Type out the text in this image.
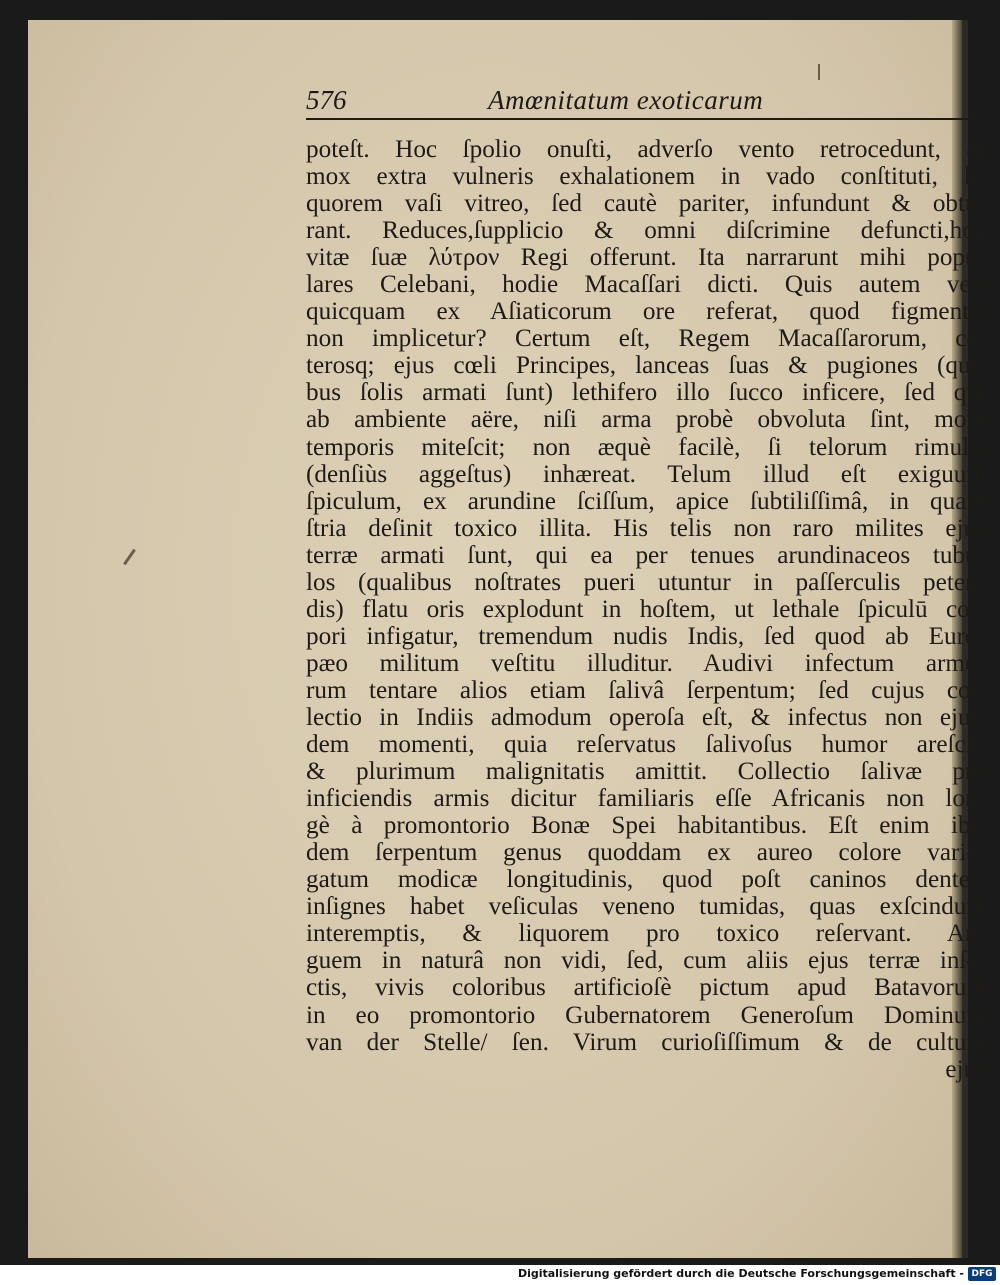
576	Amœnitatum exoticarum
poteſt. Hoc ſpolio onuſti, adverſo vento retrocedunt, &
mox extra vulneris exhalationem in vado conſtituti, li-
quorem vaſi vitreo, ſed cautè pariter, infundunt & obtu-
rant. Reduces,ſupplicio & omni diſcrimine defuncti,hoc
vitæ ſuæ λύτρον Regi offerunt. Ita narrarunt mihi popu-
lares Celebani, hodie Macaſſari dicti. Quis autem veri
quicquam ex Aſiaticorum ore referat, quod figmentis
non implicetur? Certum eſt, Regem Macaſſarorum, ce-
terosq; ejus cœli Principes, lanceas ſuas & pugiones (qui-
bus ſolis armati ſunt) lethifero illo ſucco inficere, ſed qui
ab ambiente aëre, niſi arma probè obvoluta ſint, morâ
temporis miteſcit; non æquè facilè, ſi telorum rimulis
(denſiùs aggeſtus) inhæreat. Telum illud eſt exiguum
ſpiculum, ex arundine ſciſſum, apice ſubtiliſſimâ, in quam
ſtria deſinit toxico illita. His telis non raro milites ejus
terræ armati ſunt, qui ea per tenues arundinaceos tubu-
los (qualibus noſtrates pueri utuntur in paſſerculis peten-
dis) flatu oris explodunt in hoſtem, ut lethale ſpiculū cor-
pori infigatur, tremendum nudis Indis, ſed quod ab Euro-
pæo militum veſtitu illuditur. Audivi infectum armo-
rum tentare alios etiam ſalivâ ſerpentum; ſed cujus col-
lectio in Indiis admodum operoſa eſt, & infectus non ejuſ-
dem momenti, quia reſervatus ſalivoſus humor areſcit,
& plurimum malignitatis amittit. Collectio ſalivæ pro
inficiendis armis dicitur familiaris eſſe Africanis non lon-
gè à promontorio Bonæ Spei habitantibus. Eſt enim ibi-
dem ſerpentum genus quoddam ex aureo colore varie-
gatum modicæ longitudinis, quod poſt caninos dentes,
inſignes habet veſiculas veneno tumidas, quas exſcindunt
interemptis, & liquorem pro toxico reſervant. An-
guem in naturâ non vidi, ſed, cum aliis ejus terræ inſe-
ctis, vivis coloribus artificioſè pictum apud Batavorum
in eo promontorio Gubernatorem Generoſum Dominum
van der Stelle/ ſen. Virum curioſiſſimum & de culturâ
ejus
Digitalisierung gefördert durch die Deutsche Forschungsgemeinschaft - DFG
